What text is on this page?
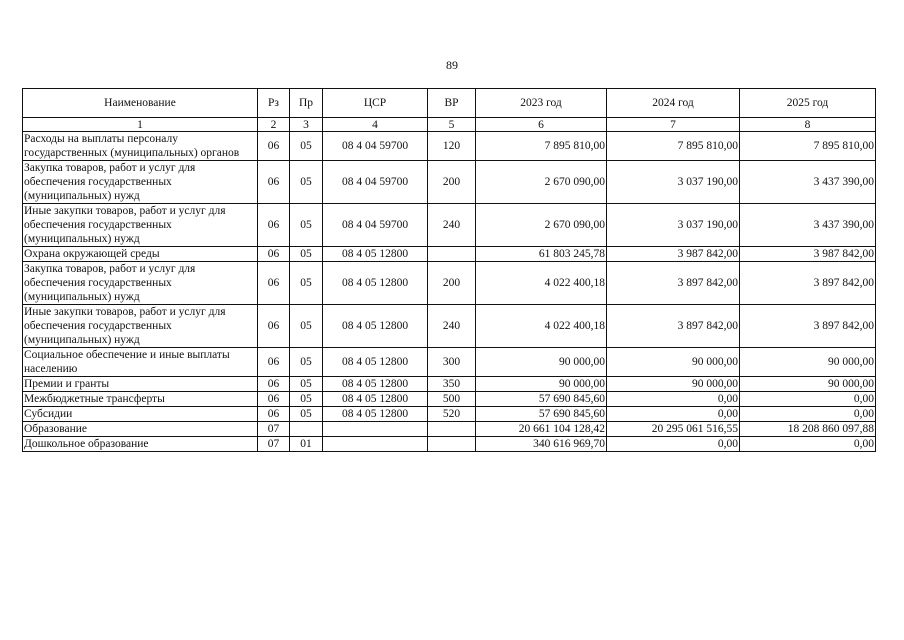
89
Наименование	Рз	Пр	ЦСР	ВР	2023 год	2024 год	2025 год
1	2	3	4	5	6	7	8
Расходы на выплаты персоналу государственных (муниципальных) органов	06	05	08 4 04 59700	120	7 895 810,00	7 895 810,00	7 895 810,00
Закупка товаров, работ и услуг для обеспечения государственных (муниципальных) нужд	06	05	08 4 04 59700	200	2 670 090,00	3 037 190,00	3 437 390,00
Иные закупки товаров, работ и услуг для обеспечения государственных (муниципальных) нужд	06	05	08 4 04 59700	240	2 670 090,00	3 037 190,00	3 437 390,00
Охрана окружающей среды	06	05	08 4 05 12800		61 803 245,78	3 987 842,00	3 987 842,00
Закупка товаров, работ и услуг для обеспечения государственных (муниципальных) нужд	06	05	08 4 05 12800	200	4 022 400,18	3 897 842,00	3 897 842,00
Иные закупки товаров, работ и услуг для обеспечения государственных (муниципальных) нужд	06	05	08 4 05 12800	240	4 022 400,18	3 897 842,00	3 897 842,00
Социальное обеспечение и иные выплаты населению	06	05	08 4 05 12800	300	90 000,00	90 000,00	90 000,00
Премии и гранты	06	05	08 4 05 12800	350	90 000,00	90 000,00	90 000,00
Межбюджетные трансферты	06	05	08 4 05 12800	500	57 690 845,60	0,00	0,00
Субсидии	06	05	08 4 05 12800	520	57 690 845,60	0,00	0,00
Образование	07				20 661 104 128,42	20 295 061 516,55	18 208 860 097,88
Дошкольное образование	07	01			340 616 969,70	0,00	0,00
